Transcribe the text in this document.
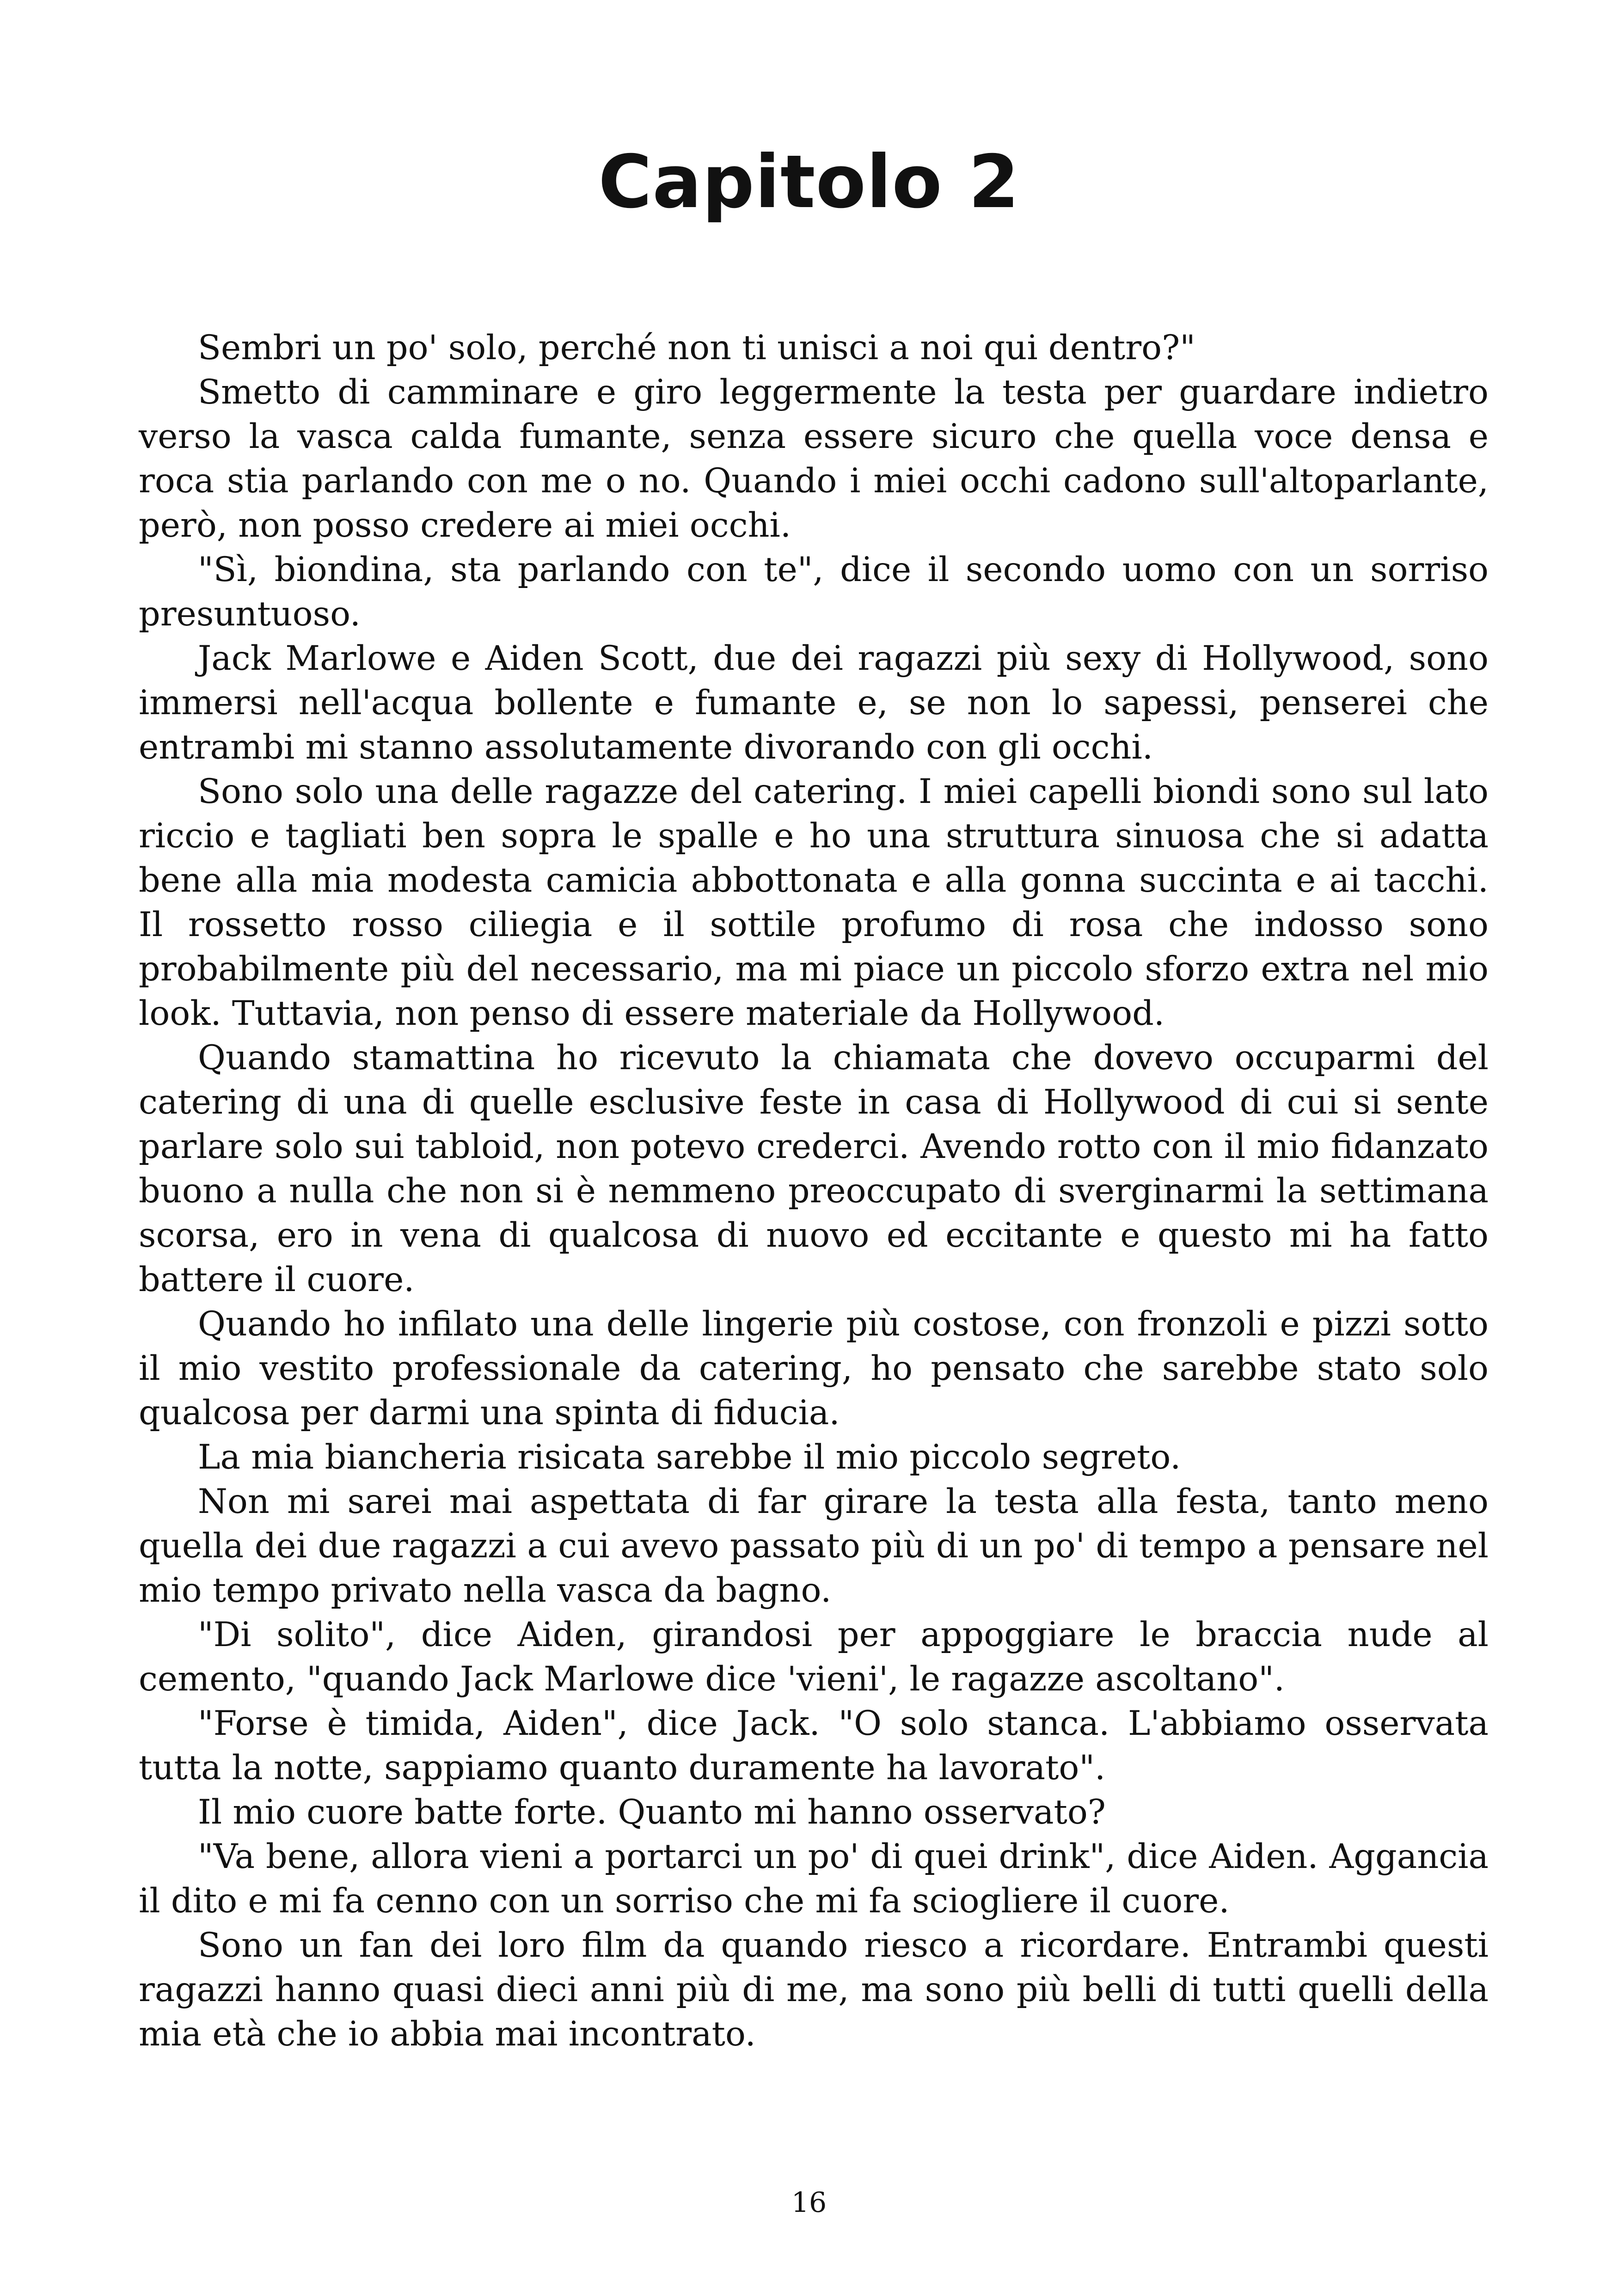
Capitolo 2

Sembri un po' solo, perché non ti unisci a noi qui dentro?"

Smetto di camminare e giro leggermente la testa per guardare indietro verso la vasca calda fumante, senza essere sicuro che quella voce densa e roca stia parlando con me o no. Quando i miei occhi cadono sull'altoparlante, però, non posso credere ai miei occhi.

"Sì, biondina, sta parlando con te", dice il secondo uomo con un sorriso presuntuoso.

Jack Marlowe e Aiden Scott, due dei ragazzi più sexy di Hollywood, sono immersi nell'acqua bollente e fumante e, se non lo sapessi, penserei che entrambi mi stanno assolutamente divorando con gli occhi.

Sono solo una delle ragazze del catering. I miei capelli biondi sono sul lato riccio e tagliati ben sopra le spalle e ho una struttura sinuosa che si adatta bene alla mia modesta camicia abbottonata e alla gonna succinta e ai tacchi. Il rossetto rosso ciliegia e il sottile profumo di rosa che indosso sono probabilmente più del necessario, ma mi piace un piccolo sforzo extra nel mio look. Tuttavia, non penso di essere materiale da Hollywood.

Quando stamattina ho ricevuto la chiamata che dovevo occuparmi del catering di una di quelle esclusive feste in casa di Hollywood di cui si sente parlare solo sui tabloid, non potevo crederci. Avendo rotto con il mio fidanzato buono a nulla che non si è nemmeno preoccupato di sverginarmi la settimana scorsa, ero in vena di qualcosa di nuovo ed eccitante e questo mi ha fatto battere il cuore.

Quando ho infilato una delle lingerie più costose, con fronzoli e pizzi sotto il mio vestito professionale da catering, ho pensato che sarebbe stato solo qualcosa per darmi una spinta di fiducia.

La mia biancheria risicata sarebbe il mio piccolo segreto.

Non mi sarei mai aspettata di far girare la testa alla festa, tanto meno quella dei due ragazzi a cui avevo passato più di un po' di tempo a pensare nel mio tempo privato nella vasca da bagno.

"Di solito", dice Aiden, girandosi per appoggiare le braccia nude al cemento, "quando Jack Marlowe dice 'vieni', le ragazze ascoltano".

"Forse è timida, Aiden", dice Jack. "O solo stanca. L'abbiamo osservata tutta la notte, sappiamo quanto duramente ha lavorato".

Il mio cuore batte forte. Quanto mi hanno osservato?

"Va bene, allora vieni a portarci un po' di quei drink", dice Aiden. Aggancia il dito e mi fa cenno con un sorriso che mi fa sciogliere il cuore.

Sono un fan dei loro film da quando riesco a ricordare. Entrambi questi ragazzi hanno quasi dieci anni più di me, ma sono più belli di tutti quelli della mia età che io abbia mai incontrato.

16
